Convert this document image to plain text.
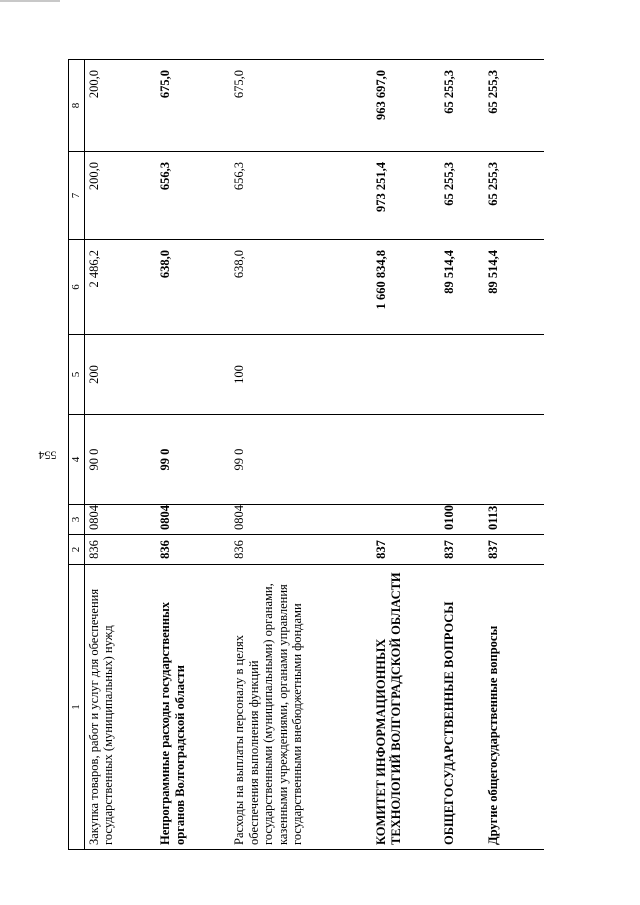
554
1	2	3	4	5	6	7	8
Закупка товаров, работ и услуг для обеспечения государственных (муниципальных) нужд	836	0804	90 0	200	2 486,2	200,0	200,0
Непрограммные расходы государственных органов Волгоградской области	836	0804	99 0		638,0	656,3	675,0
Расходы на выплаты персоналу в целях обеспечения выполнения функций государственными (муниципальными) органами, казенными учреждениями, органами управления государственными внебюджетными фондами	836	0804	99 0	100	638,0	656,3	675,0
КОМИТЕТ ИНФОРМАЦИОННЫХ ТЕХНОЛОГИЙ ВОЛГОГРАДСКОЙ ОБЛАСТИ	837				1 660 834,8	973 251,4	963 697,0
ОБЩЕГОСУДАРСТВЕННЫЕ ВОПРОСЫ	837	0100			89 514,4	65 255,3	65 255,3
Другие общегосударственные вопросы	837	0113			89 514,4	65 255,3	65 255,3
